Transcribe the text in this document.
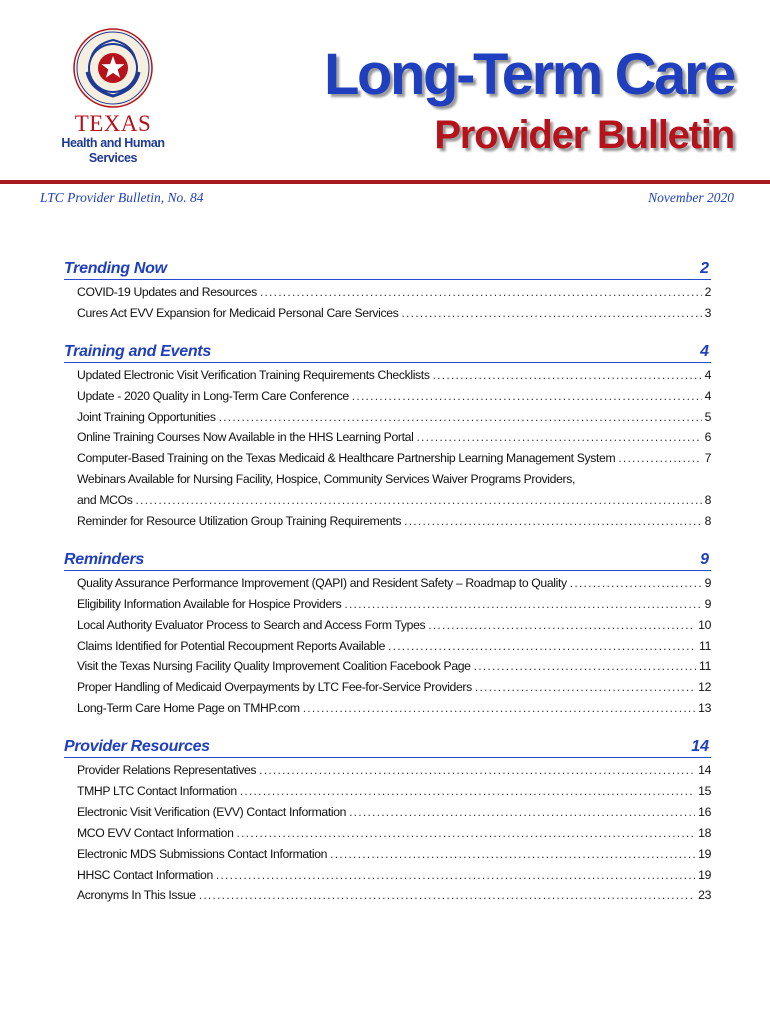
TEXAS
Health and Human
Services
Long-Term Care
Provider Bulletin
LTC Provider Bulletin, No. 84	November 2020
Trending Now	2
COVID-19 Updates and Resources .....	2
Cures Act EVV Expansion for Medicaid Personal Care Services .....	3
Training and Events	4
Updated Electronic Visit Verification Training Requirements Checklists .....	4
Update - 2020 Quality in Long-Term Care Conference .....	4
Joint Training Opportunities .....	5
Online Training Courses Now Available in the HHS Learning Portal .....	6
Computer-Based Training on the Texas Medicaid & Healthcare Partnership Learning Management System .....	7
Webinars Available for Nursing Facility, Hospice, Community Services Waiver Programs Providers,
and MCOs .....	8
Reminder for Resource Utilization Group Training Requirements .....	8
Reminders	9
Quality Assurance Performance Improvement (QAPI) and Resident Safety – Roadmap to Quality .....	9
Eligibility Information Available for Hospice Providers .....	9
Local Authority Evaluator Process to Search and Access Form Types .....	10
Claims Identified for Potential Recoupment Reports Available .....	11
Visit the Texas Nursing Facility Quality Improvement Coalition Facebook Page .....	11
Proper Handling of Medicaid Overpayments by LTC Fee-for-Service Providers .....	12
Long-Term Care Home Page on TMHP.com .....	13
Provider Resources	14
Provider Relations Representatives .....	14
TMHP LTC Contact Information .....	15
Electronic Visit Verification (EVV) Contact Information .....	16
MCO EVV Contact Information .....	18
Electronic MDS Submissions Contact Information .....	19
HHSC Contact Information .....	19
Acronyms In This Issue .....	23
